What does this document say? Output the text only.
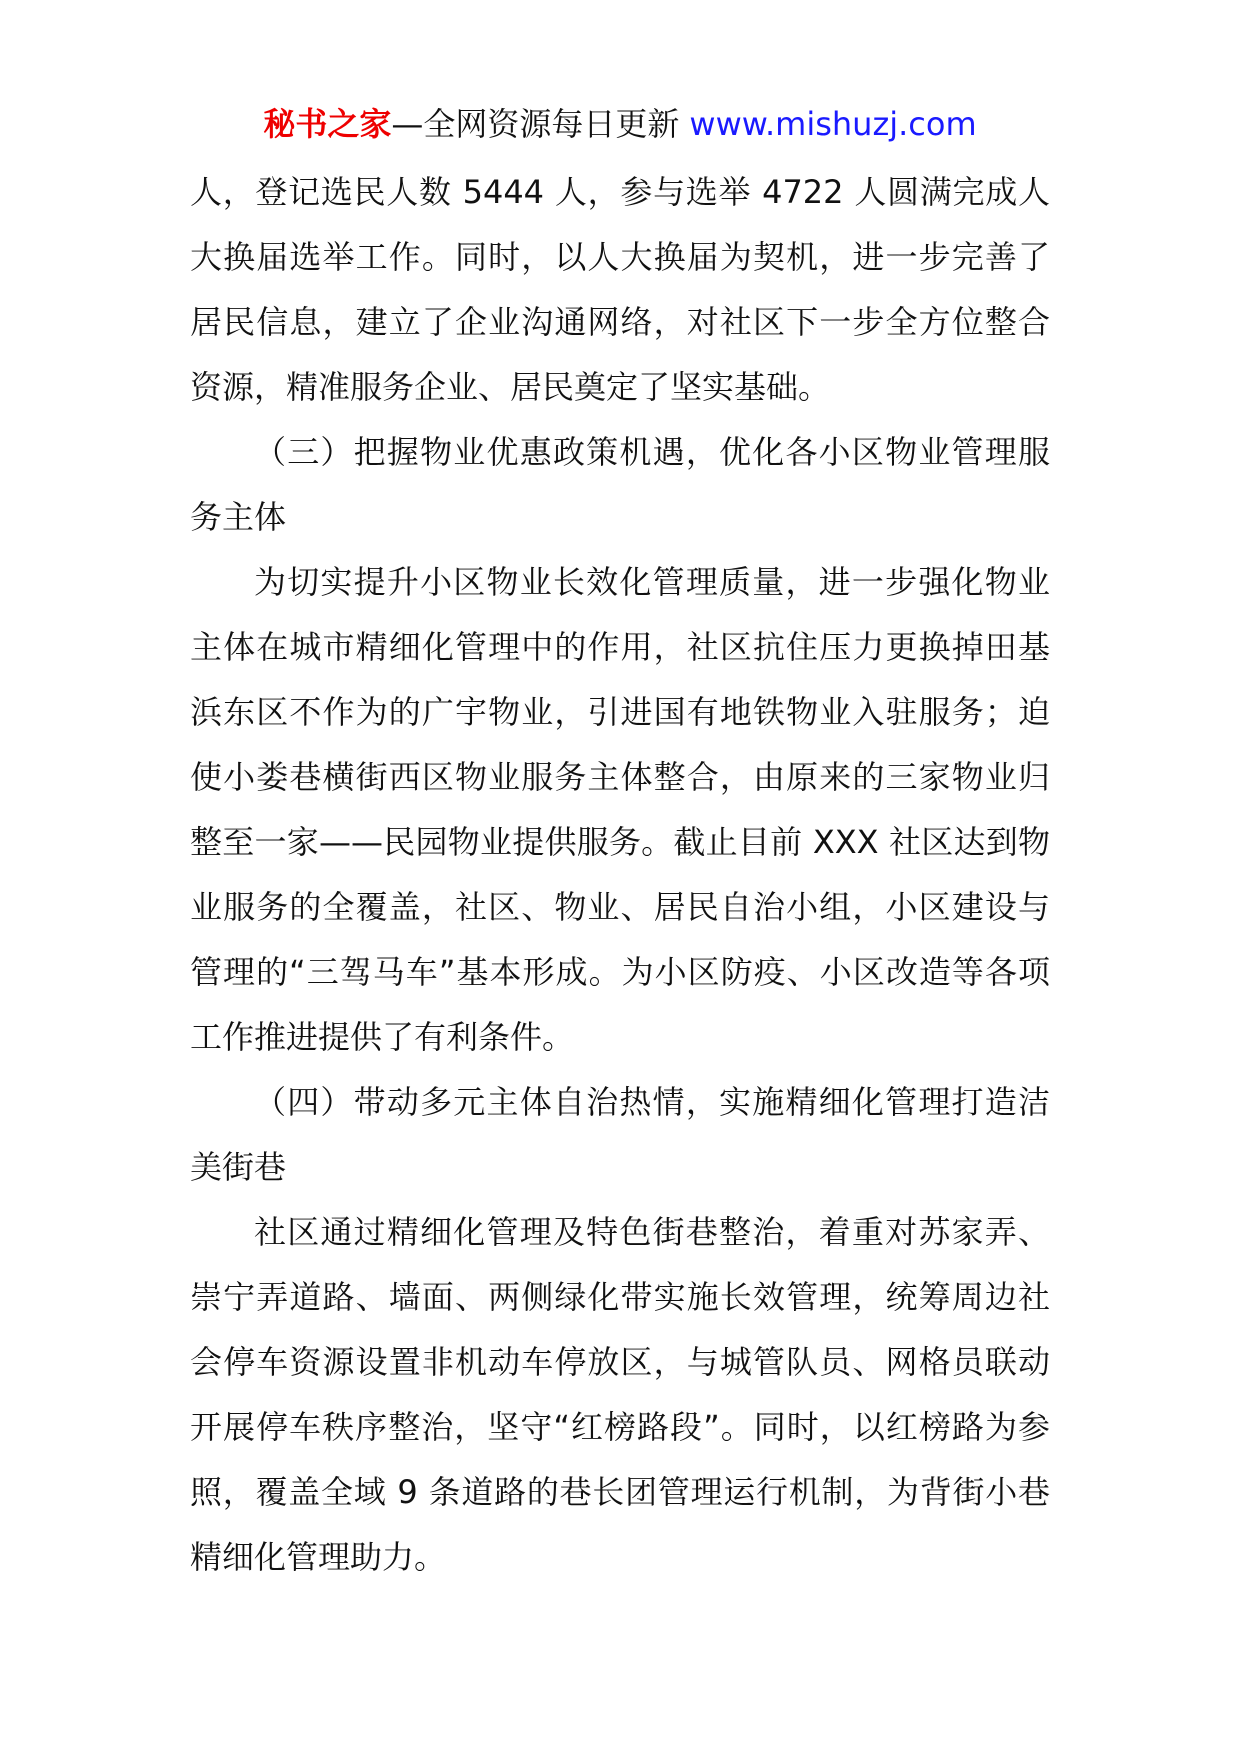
秘书之家—全网资源每日更新 www.mishuzj.com

人，登记选民人数 5444 人，参与选举 4722 人圆满完成人大换届选举工作。同时，以人大换届为契机，进一步完善了居民信息，建立了企业沟通网络，对社区下一步全方位整合资源，精准服务企业、居民奠定了坚实基础。

（三）把握物业优惠政策机遇，优化各小区物业管理服务主体

为切实提升小区物业长效化管理质量，进一步强化物业主体在城市精细化管理中的作用，社区抗住压力更换掉田基浜东区不作为的广宇物业，引进国有地铁物业入驻服务；迫使小娄巷横街西区物业服务主体整合，由原来的三家物业归整至一家——民园物业提供服务。截止目前 XXX 社区达到物业服务的全覆盖，社区、物业、居民自治小组，小区建设与管理的“三驾马车”基本形成。为小区防疫、小区改造等各项工作推进提供了有利条件。

（四）带动多元主体自治热情，实施精细化管理打造洁美街巷

社区通过精细化管理及特色街巷整治，着重对苏家弄、崇宁弄道路、墙面、两侧绿化带实施长效管理，统筹周边社会停车资源设置非机动车停放区，与城管队员、网格员联动开展停车秩序整治，坚守“红榜路段”。同时，以红榜路为参照，覆盖全域 9 条道路的巷长团管理运行机制，为背街小巷精细化管理助力。
